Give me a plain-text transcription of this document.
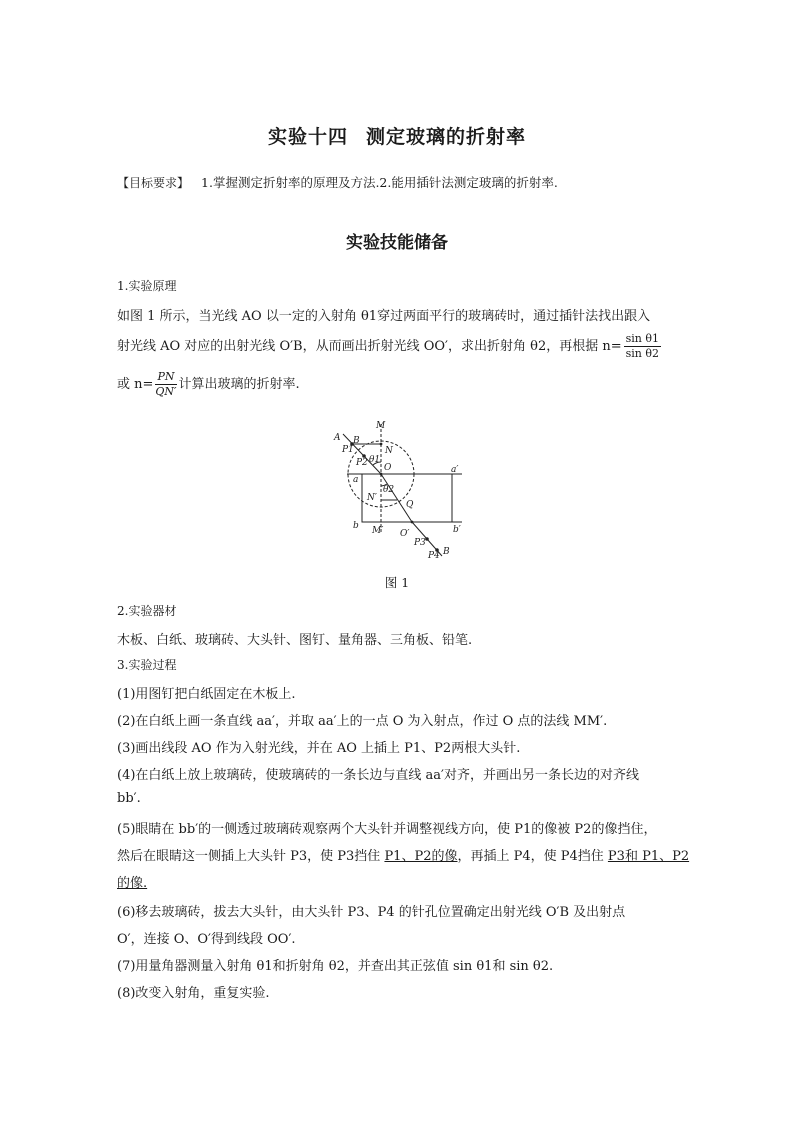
实验十四 测定玻璃的折射率
【目标要求】 1.掌握测定折射率的原理及方法.2.能用插针法测定玻璃的折射率.
实验技能储备
1.实验原理
如图 1 所示，当光线 AO 以一定的入射角 θ1穿过两面平行的玻璃砖时，通过插针法找出跟入
射光线 AO 对应的出射光线 O′B，从而画出折射光线 OO′，求出折射角 θ2，再根据 $n= \frac{\text{sin θ1}}{\text{sin θ2}}$
或 $n= \frac{PN}{QN'}$ 计算出玻璃的折射率.
A B
P1
P2
M
N
O
θ1
θ2
a
a′
b	b′
N′
Q
M′ O′
P3
P4 B
图 1
2.实验器材
木板、白纸、玻璃砖、大头针、图钉、量角器、三角板、铅笔.
3.实验过程
(1)用图钉把白纸固定在木板上.
(2)在白纸上画一条直线 aa′，并取 aa′上的一点 O 为入射点，作过 O 点的法线 MM′.
(3)画出线段 AO 作为入射光线，并在 AO 上插上 P1、P2两根大头针.
(4)在白纸上放上玻璃砖，使玻璃砖的一条长边与直线 aa′对齐，并画出另一条长边的对齐线
bb′.
(5)眼睛在 bb′的一侧透过玻璃砖观察两个大头针并调整视线方向，使 P1的像被 P2的像挡住，
然后在眼睛这一侧插上大头针 P3，使 P3挡住 P1、P2的像，再插上 P4，使 P4挡住 P3和 P1、P2
的像.
(6)移去玻璃砖，拔去大头针，由大头针 P3、P4 的针孔位置确定出射光线 O′B 及出射点
O′，连接 O、O′得到线段 OO′.
(7)用量角器测量入射角 θ1和折射角 θ2，并查出其正弦值 sin θ1和 sin θ2.
(8)改变入射角，重复实验.
